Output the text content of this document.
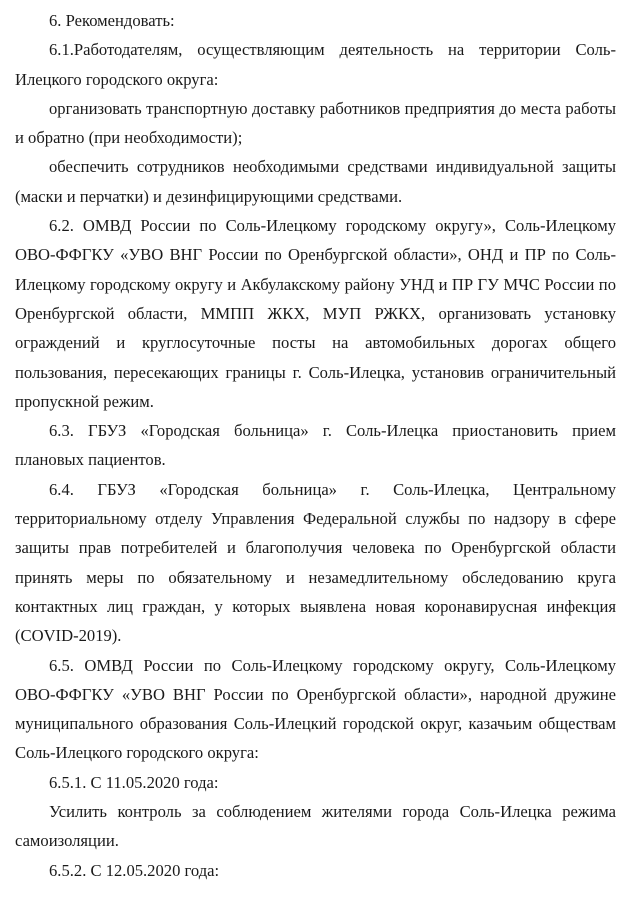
6. Рекомендовать:

6.1.Работодателям, осуществляющим деятельность на территории Соль-Илецкого городского округа:

организовать транспортную доставку работников предприятия до места работы и обратно (при необходимости);

обеспечить сотрудников необходимыми средствами индивидуальной защиты (маски и перчатки) и дезинфицирующими средствами.

6.2. ОМВД России по Соль-Илецкому городскому округу», Соль-Илецкому ОВО-ФФГКУ «УВО ВНГ России по Оренбургской области», ОНД и ПР по Соль-Илецкому городскому округу и Акбулакскому району УНД и ПР ГУ МЧС России по Оренбургской области, ММПП ЖКХ, МУП РЖКХ, организовать установку ограждений и круглосуточные посты на автомобильных дорогах общего пользования, пересекающих границы г. Соль-Илецка, установив ограничительный пропускной режим.

6.3. ГБУЗ «Городская больница» г. Соль-Илецка приостановить прием плановых пациентов.

6.4. ГБУЗ «Городская больница» г. Соль-Илецка, Центральному территориальному отделу Управления Федеральной службы по надзору в сфере защиты прав потребителей и благополучия человека по Оренбургской области принять меры по обязательному и незамедлительному обследованию круга контактных лиц граждан, у которых выявлена новая коронавирусная инфекция (COVID-2019).

6.5. ОМВД России по Соль-Илецкому городскому округу, Соль-Илецкому ОВО-ФФГКУ «УВО ВНГ России по Оренбургской области», народной дружине муниципального образования Соль-Илецкий городской округ, казачьим обществам Соль-Илецкого городского округа:

6.5.1. С 11.05.2020 года:

Усилить контроль за соблюдением жителями города Соль-Илецка режима самоизоляции.

6.5.2. С 12.05.2020 года:
